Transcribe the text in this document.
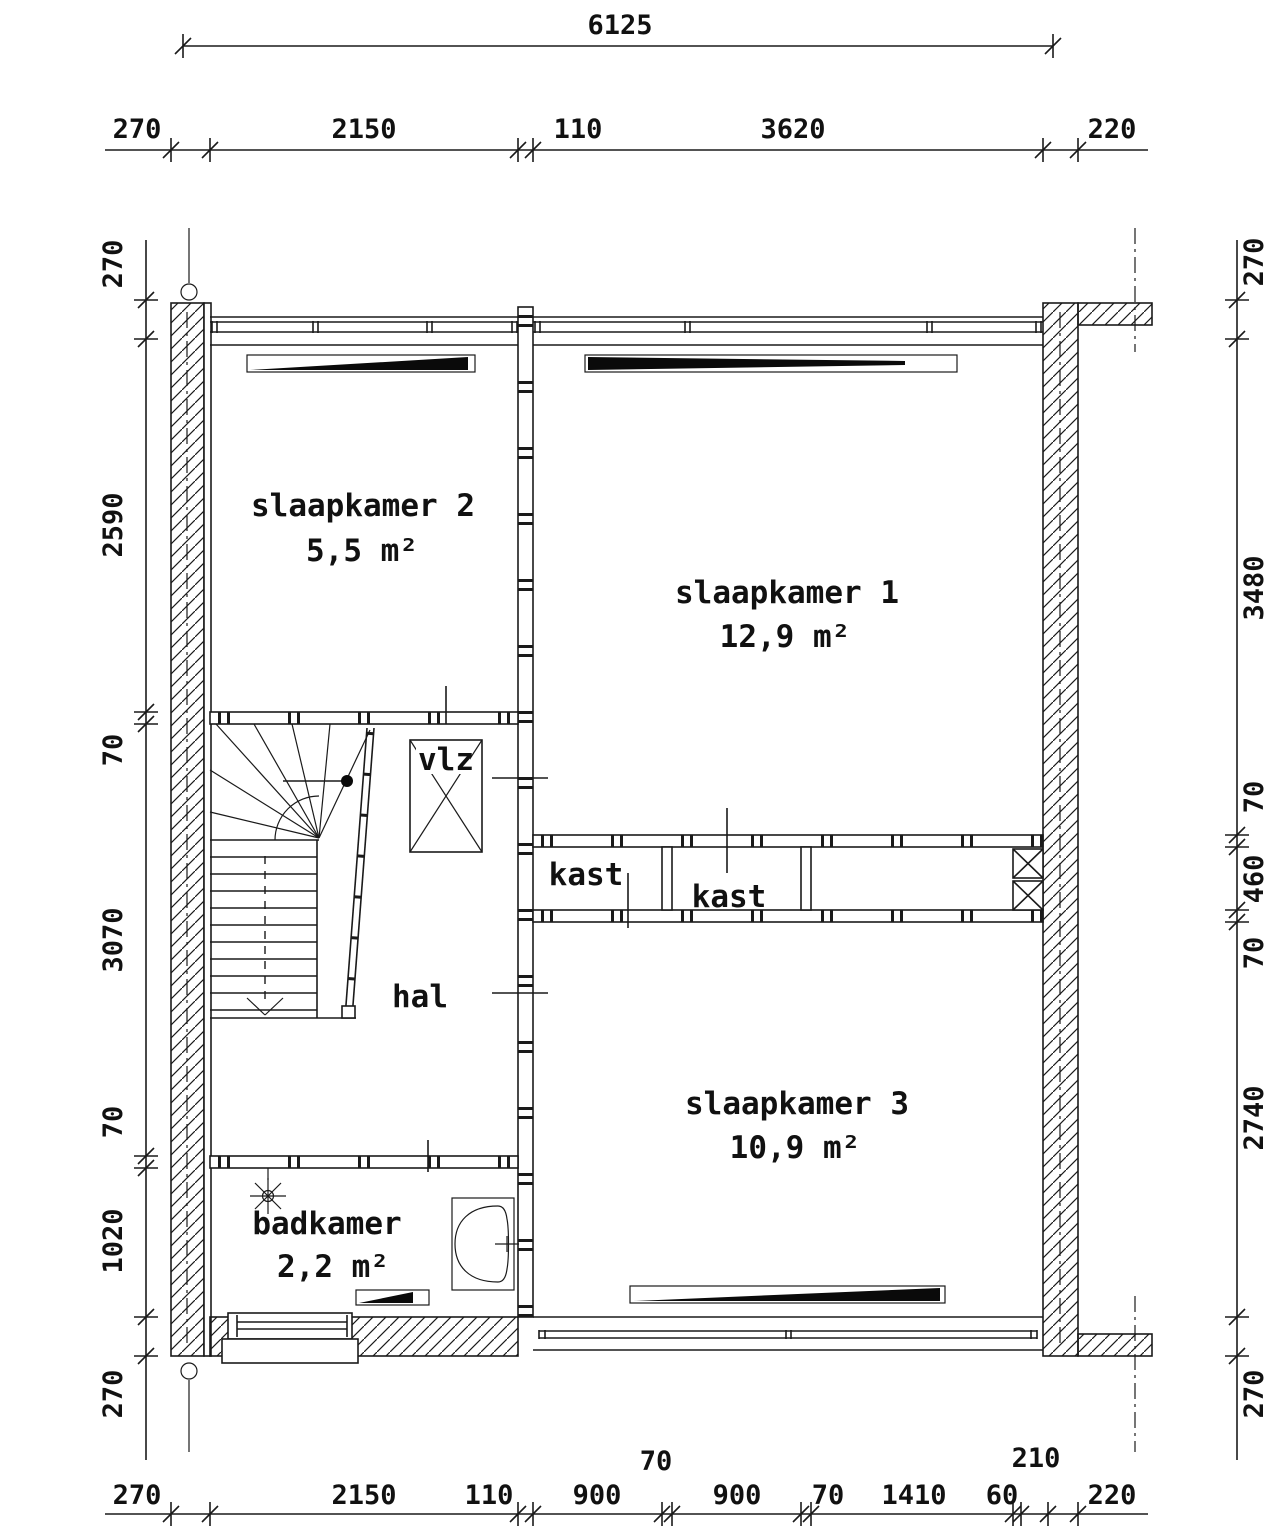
6125
270	2150	110	3620	220
270
2590
70
3070
70
1020
270
270
3480
70
460
70
2740
270
270	2150	110 900
70
900 70 1410 60
210
220
vlz
slaapkamer 2
5,5 m²
slaapkamer 1
12,9 m²
slaapkamer 3
10,9 m²
badkamer
2,2 m²
hal
kast
kast
